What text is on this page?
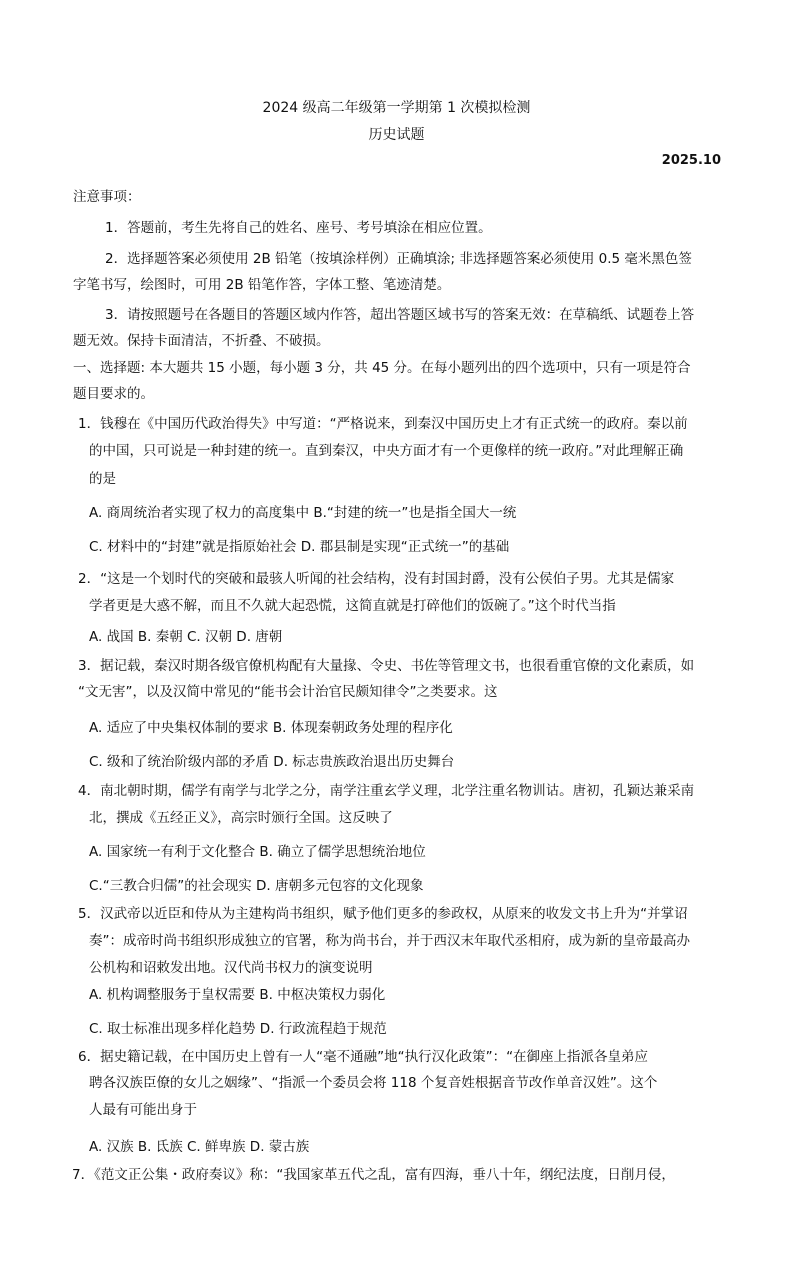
2024 级高二年级第一学期第 1 次模拟检测
历史试题
2025.10
注意事项：
1．答题前，考生先将自己的姓名、座号、考号填涂在相应位置。
2．选择题答案必须使用 2B 铅笔（按填涂样例）正确填涂; 非选择题答案必须使用 0.5 毫米黑色签
字笔书写，绘图时，可用 2B 铅笔作答，字体工整、笔迹清楚。
3．请按照题号在各题目的答题区域内作答，超出答题区域书写的答案无效：在草稿纸、试题卷上答
题无效。保持卡面清洁，不折叠、不破损。
一、选择题: 本大题共 15 小题，每小题 3 分，共 45 分。在每小题列出的四个选项中，只有一项是符合
题目要求的。
1．钱穆在《中国历代政治得失》中写道：“严格说来，到秦汉中国历史上才有正式统一的政府。秦以前
的中国，只可说是一种封建的统一。直到秦汉，中央方面才有一个更像样的统一政府。”对此理解正确
的是
A. 商周统治者实现了权力的高度集中 B.“封建的统一”也是指全国大一统
C. 材料中的“封建”就是指原始社会 D. 郡县制是实现“正式统一”的基础
2．“这是一个划时代的突破和最骇人听闻的社会结构，没有封国封爵，没有公侯伯子男。尤其是儒家
学者更是大惑不解，而且不久就大起恐慌，这简直就是打碎他们的饭碗了。”这个时代当指
A. 战国 B. 秦朝 C. 汉朝 D. 唐朝
3．据记载，秦汉时期各级官僚机构配有大量掾、令史、书佐等管理文书，也很看重官僚的文化素质，如
“文无害”，以及汉简中常见的“能书会计治官民颇知律令”之类要求。这
A. 适应了中央集权体制的要求 B. 体现秦朝政务处理的程序化
C. 级和了统治阶级内部的矛盾 D. 标志贵族政治退出历史舞台
4．南北朝时期，儒学有南学与北学之分，南学注重玄学义理，北学注重名物训诂。唐初，孔颖达兼采南
北，撰成《五经正义》，高宗时颁行全国。这反映了
A. 国家统一有利于文化整合 B. 确立了儒学思想统治地位
C.“三教合归儒”的社会现实 D. 唐朝多元包容的文化现象
5．汉武帝以近臣和侍从为主建构尚书组织，赋予他们更多的参政权，从原来的收发文书上升为“并掌诏
奏”：成帝时尚书组织形成独立的官署，称为尚书台，并于西汉末年取代丞相府，成为新的皇帝最高办
公机构和诏敕发出地。汉代尚书权力的演变说明
A. 机构调整服务于皇权需要 B. 中枢决策权力弱化
C. 取士标准出现多样化趋势 D. 行政流程趋于规范
6．据史籍记载，在中国历史上曾有一人“毫不通融”地“执行汉化政策”：“在御座上指派各皇弟应
聘各汉族臣僚的女儿之姻缘”、“指派一个委员会将 118 个复音姓根据音节改作单音汉姓”。这个
人最有可能出身于
A. 汉族 B. 氐族 C. 鲜卑族 D. 蒙古族
7．《范文正公集・政府奏议》称：“我国家革五代之乱，富有四海，垂八十年，纲纪法度，日削月侵，
